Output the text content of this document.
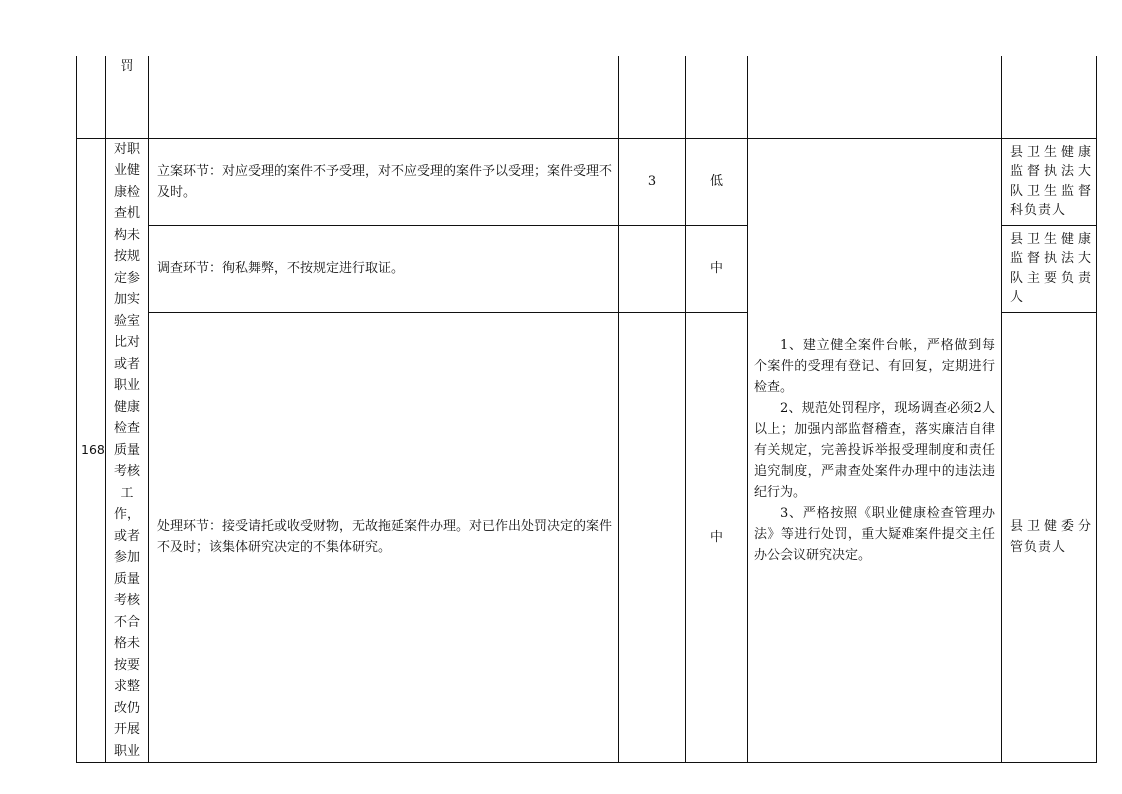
	罚					
168	对职业健康检查机构未按规定参加实验室比对或者职业健康检查质量考核工作，或者参加质量考核不合格未按要求整改仍开展职业	立案环节：对应受理的案件不予受理，对不应受理的案件予以受理；案件受理不及时。	3	低	1、建立健全案件台帐，严格做到每个案件的受理有登记、有回复，定期进行检查。

2、规范处罚程序，现场调查必须2人以上；加强内部监督稽查，落实廉洁自律有关规定，完善投诉举报受理制度和责任追究制度，严肃查处案件办理中的违法违纪行为。

3、严格按照《职业健康检查管理办法》等进行处罚，重大疑难案件提交主任办公会议研究决定。	县卫生健康监督执法大队卫生监督科负责人
		调查环节：徇私舞弊，不按规定进行取证。		中		县卫生健康监督执法大队主要负责人
		处理环节：接受请托或收受财物，无故拖延案件办理。对已作出处罚决定的案件不及时；该集体研究决定的不集体研究。		中		县卫健委分管负责人
